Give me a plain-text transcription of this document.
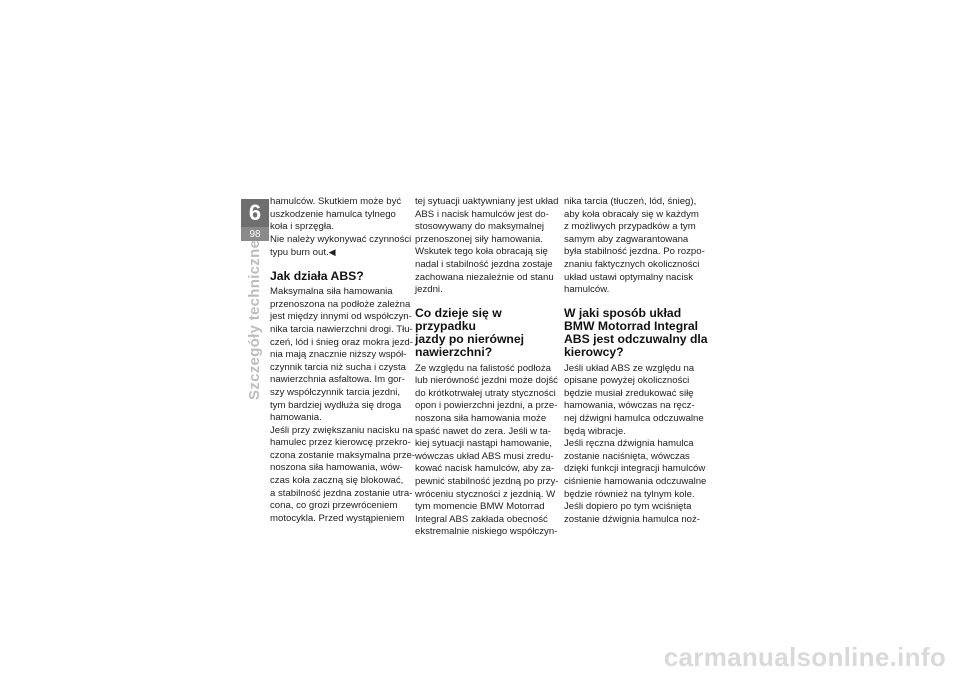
6
98
Szczegóły techniczne

hamulców. Skutkiem może być
uszkodzenie hamulca tylnego
koła i sprzęgła.
Nie należy wykonywać czynności
typu burn out.◀

Jak działa ABS?

Maksymalna siła hamowania
przenoszona na podłoże zależna
jest między innymi od współczyn-
nika tarcia nawierzchni drogi. Tłu-
czeń, lód i śnieg oraz mokra jezd-
nia mają znacznie niższy współ-
czynnik tarcia niż sucha i czysta
nawierzchnia asfaltowa. Im gor-
szy współczynnik tarcia jezdni,
tym bardziej wydłuża się droga
hamowania.
Jeśli przy zwiększaniu nacisku na
hamulec przez kierowcę przekro-
czona zostanie maksymalna prze-
noszona siła hamowania, wów-
czas koła zaczną się blokować,
a stabilność jezdna zostanie utra-
cona, co grozi przewróceniem
motocykla. Przed wystąpieniem

tej sytuacji uaktywniany jest układ
ABS i nacisk hamulców jest do-
stosowywany do maksymalnej
przenoszonej siły hamowania.
Wskutek tego koła obracają się
nadal i stabilność jezdna zostaje
zachowana niezależnie od stanu
jezdni.

Co dzieje się w przypadku
jazdy po nierównej
nawierzchni?

Ze względu na falistość podłoża
lub nierówność jezdni może dojść
do krótkotrwałej utraty styczności
opon i powierzchni jezdni, a prze-
noszona siła hamowania może
spaść nawet do zera. Jeśli w ta-
kiej sytuacji nastąpi hamowanie,
wówczas układ ABS musi zredu-
kować nacisk hamulców, aby za-
pewnić stabilność jezdną po przy-
wróceniu styczności z jezdnią. W
tym momencie BMW Motorrad
Integral ABS zakłada obecność
ekstremalnie niskiego współczyn-

nika tarcia (tłuczeń, lód, śnieg),
aby koła obracały się w każdym
z możliwych przypadków a tym
samym aby zagwarantowana
była stabilność jezdna. Po rozpo-
znaniu faktycznych okoliczności
układ ustawi optymalny nacisk
hamulców.

W jaki sposób układ
BMW Motorrad Integral
ABS jest odczuwalny dla
kierowcy?

Jeśli układ ABS ze względu na
opisane powyżej okoliczności
będzie musiał zredukować siłę
hamowania, wówczas na ręcz-
nej dźwigni hamulca odczuwalne
będą wibracje.
Jeśli ręczna dźwignia hamulca
zostanie naciśnięta, wówczas
dzięki funkcji integracji hamulców
ciśnienie hamowania odczuwalne
będzie również na tylnym kole.
Jeśli dopiero po tym wciśnięta
zostanie dźwignia hamulca noż-

carmanualsonline.info
